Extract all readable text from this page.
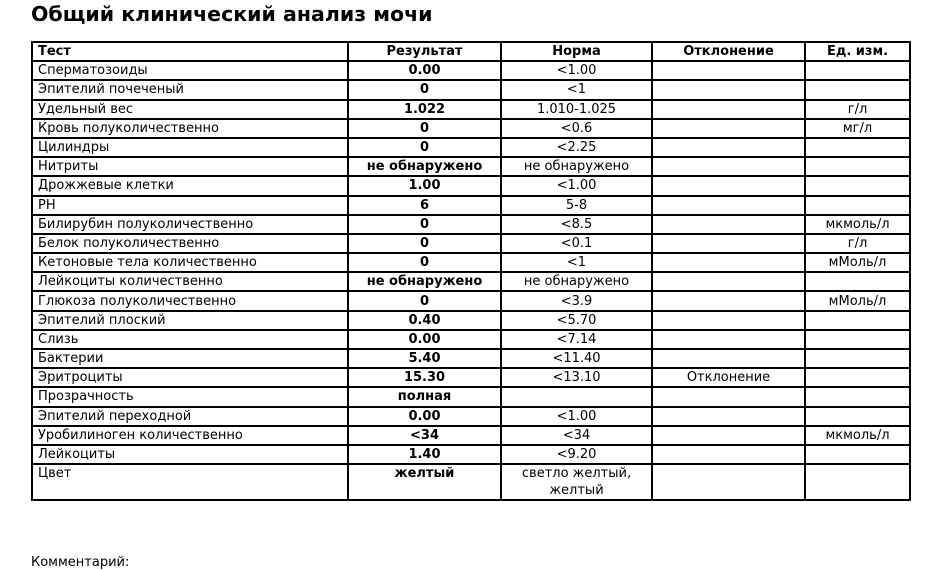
Общий клинический анализ мочи
Тест	Результат	Норма	Отклонение	Ед. изм.
Сперматозоиды	0.00	<1.00		
Эпителий почеченый	0	<1		
Удельный вес	1.022	1.010-1.025		г/л
Кровь полуколичественно	0	<0.6		мг/л
Цилиндры	0	<2.25		
Нитриты	не обнаружено	не обнаружено		
Дрожжевые клетки	1.00	<1.00		
PH	6	5-8		
Билирубин полуколичественно	0	<8.5		мкмоль/л
Белок полуколичественно	0	<0.1		г/л
Кетоновые тела количественно	0	<1		мМоль/л
Лейкоциты количественно	не обнаружено	не обнаружено		
Глюкоза полуколичественно	0	<3.9		мМоль/л
Эпителий плоский	0.40	<5.70		
Слизь	0.00	<7.14		
Бактерии	5.40	<11.40		
Эритроциты	15.30	<13.10	Отклонение	
Прозрачность	полная			
Эпителий переходной	0.00	<1.00		
Уробилиноген количественно	<34	<34		мкмоль/л
Лейкоциты	1.40	<9.20		
Цвет	желтый	светло желтый, желтый		
Комментарий:
